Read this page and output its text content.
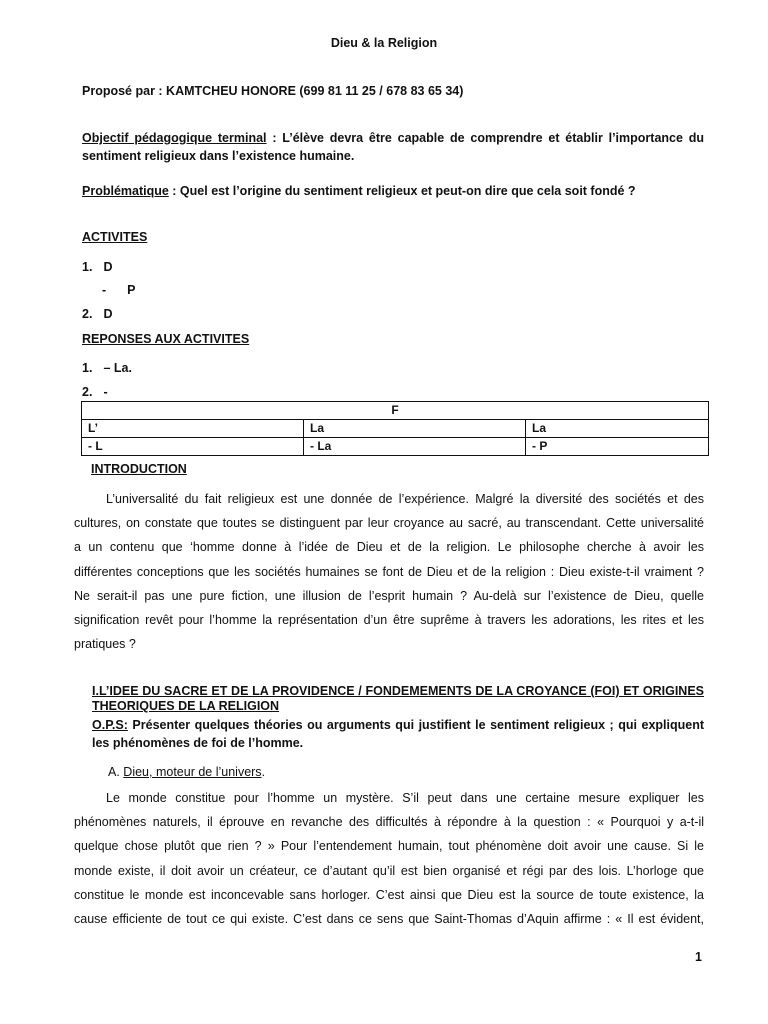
Dieu & la Religion
Proposé par : KAMTCHEU HONORE (699 81 11 25 / 678 83 65 34)
Objectif pédagogique terminal : L’élève devra être capable de comprendre et établir l’importance du sentiment religieux dans l’existence humaine.
Problématique : Quel est l’origine du sentiment religieux et peut-on dire que cela soit fondé ?
ACTIVITES
1. D
- P
2. D
REPONSES AUX ACTIVITES
1. – La.
2. -
F		
L’	La	La
- L	- La	- P
INTRODUCTION
L’universalité du fait religieux est une donnée de l’expérience. Malgré la diversité des sociétés et des
cultures, on constate que toutes se distinguent par leur croyance au sacré, au transcendant. Cette universalité
a un contenu que ‘homme donne à l’idée de Dieu et de la religion. Le philosophe cherche à avoir les
différentes conceptions que les sociétés humaines se font de Dieu et de la religion : Dieu existe-t-il vraiment ?
Ne serait-il pas une pure fiction, une illusion de l’esprit humain ? Au-delà sur l’existence de Dieu, quelle
signification revêt pour l’homme la représentation d’un être suprême à travers les adorations, les rites et les
pratiques ?
I.L’IDEE DU SACRE ET DE LA PROVIDENCE / FONDEMEMENTS DE LA CROYANCE (FOI) ET ORIGINES THEORIQUES DE LA RELIGION
O.P.S: Présenter quelques théories ou arguments qui justifient le sentiment religieux ; qui expliquent les phénomènes de foi de l’homme.
A. Dieu, moteur de l’univers.
Le monde constitue pour l’homme un mystère. S’il peut dans une certaine mesure expliquer les
phénomènes naturels, il éprouve en revanche des difficultés à répondre à la question : « Pourquoi y a-t-il
quelque chose plutôt que rien ? » Pour l’entendement humain, tout phénomène doit avoir une cause. Si le
monde existe, il doit avoir un créateur, ce d’autant qu’il est bien organisé et régi par des lois. L’horloge que
constitue le monde est inconcevable sans horloger. C’est ainsi que Dieu est la source de toute existence, la
cause efficiente de tout ce qui existe. C’est dans ce sens que Saint-Thomas d’Aquin affirme : « Il est évident,
1
